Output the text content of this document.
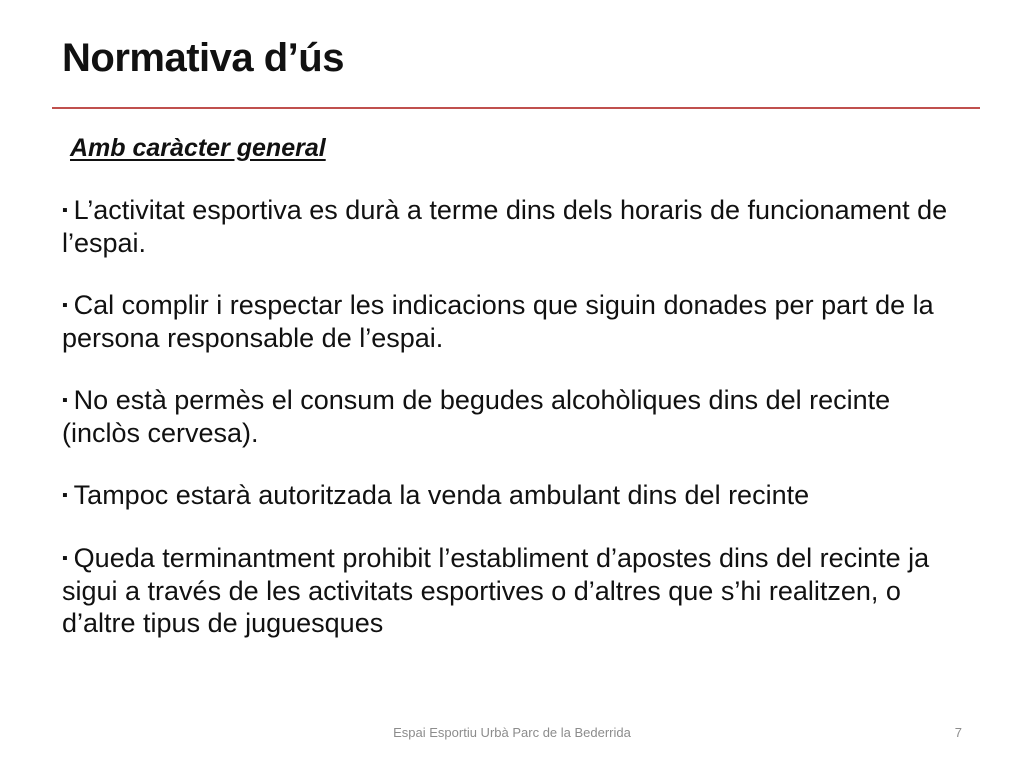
Normativa d’ús
Amb caràcter general
▪ L’activitat esportiva es durà a terme dins dels horaris de funcionament de l’espai.
▪ Cal complir i respectar les indicacions que siguin donades per part de la persona responsable de l’espai.
▪ No està permès el consum de begudes alcohòliques dins del recinte (inclòs cervesa).
▪ Tampoc estarà autoritzada la venda ambulant dins del recinte
▪ Queda terminantment prohibit l’establiment d’apostes dins del recinte ja sigui a través de les activitats esportives o d’altres que s’hi realitzen, o d’altre tipus de juguesques
Espai Esportiu Urbà Parc de la Bederrida	7
